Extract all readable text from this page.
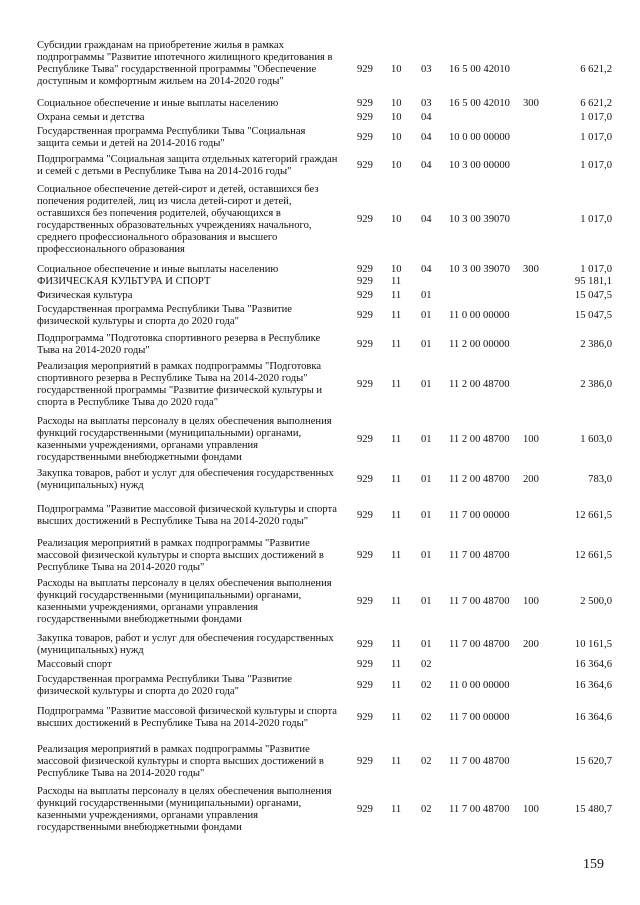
Субсидии гражданам на приобретение жилья в рамках подпрограммы "Развитие ипотечного жилищного кредитования в Республике Тыва" государственной программы "Обеспечение доступным и комфортным жильем на 2014-2020 годы"
929 10 03 16 5 00 42010	6 621,2
Социальное обеспечение и иные выплаты населению	929 10 03 16 5 00 42010 300	6 621,2
Охрана семьи и детства	929 10 04	1 017,0
Государственная программа Республики Тыва "Социальная защита семьи и детей на 2014-2016 годы"
929 10 04 10 0 00 00000	1 017,0
Подпрограмма "Социальная защита отдельных категорий граждан и семей с детьми в Республике Тыва на 2014-2016 годы"
929 10 04 10 3 00 00000	1 017,0
Социальное обеспечение детей-сирот и детей, оставшихся без попечения родителей, лиц из числа детей-сирот и детей, оставшихся без попечения родителей, обучающихся в государственных образовательных учреждениях начального, среднего профессионального образования и высшего профессионального образования
929 10 04 10 3 00 39070	1 017,0
Социальное обеспечение и иные выплаты населению	929 10 04 10 3 00 39070 300	1 017,0
ФИЗИЧЕСКАЯ КУЛЬТУРА И СПОРТ	929 11	95 181,1
Физическая культура	929 11 01	15 047,5
Государственная программа Республики Тыва "Развитие физической культуры и спорта до 2020 года"
929 11 01 11 0 00 00000	15 047,5
Подпрограмма "Подготовка спортивного резерва в Республике Тыва на 2014-2020 годы"
929 11 01 11 2 00 00000	2 386,0
Реализация мероприятий в рамках подпрограммы "Подготовка спортивного резерва в Республике Тыва на 2014-2020 годы" государственной программы "Развитие физической культуры и спорта в Республике Тыва до 2020 года"
929 11 01 11 2 00 48700	2 386,0
Расходы на выплаты персоналу в целях обеспечения выполнения функций государственными (муниципальными) органами, казенными учреждениями, органами управления государственными внебюджетными фондами
929 11 01 11 2 00 48700 100	1 603,0
Закупка товаров, работ и услуг для обеспечения государственных (муниципальных) нужд
929 11 01 11 2 00 48700 200	783,0
Подпрограмма "Развитие массовой физической культуры и спорта высших достижений в Республике Тыва на 2014-2020 годы"
929 11 01 11 7 00 00000	12 661,5
Реализация мероприятий в рамках подпрограммы "Развитие массовой физической культуры и спорта высших достижений в Республике Тыва на 2014-2020 годы"
929 11 01 11 7 00 48700	12 661,5
Расходы на выплаты персоналу в целях обеспечения выполнения функций государственными (муниципальными) органами, казенными учреждениями, органами управления государственными внебюджетными фондами
929 11 01 11 7 00 48700 100	2 500,0
Закупка товаров, работ и услуг для обеспечения государственных (муниципальных) нужд
929 11 01 11 7 00 48700 200	10 161,5
Массовый спорт	929 11 02	16 364,6
Государственная программа Республики Тыва "Развитие физической культуры и спорта до 2020 года"
929 11 02 11 0 00 00000	16 364,6
Подпрограмма "Развитие массовой физической культуры и спорта высших достижений в Республике Тыва на 2014-2020 годы"
929 11 02 11 7 00 00000	16 364,6
Реализация мероприятий в рамках подпрограммы "Развитие массовой физической культуры и спорта высших достижений в Республике Тыва на 2014-2020 годы"
929 11 02 11 7 00 48700	15 620,7
Расходы на выплаты персоналу в целях обеспечения выполнения функций государственными (муниципальными) органами, казенными учреждениями, органами управления государственными внебюджетными фондами
929 11 02 11 7 00 48700 100	15 480,7
159
